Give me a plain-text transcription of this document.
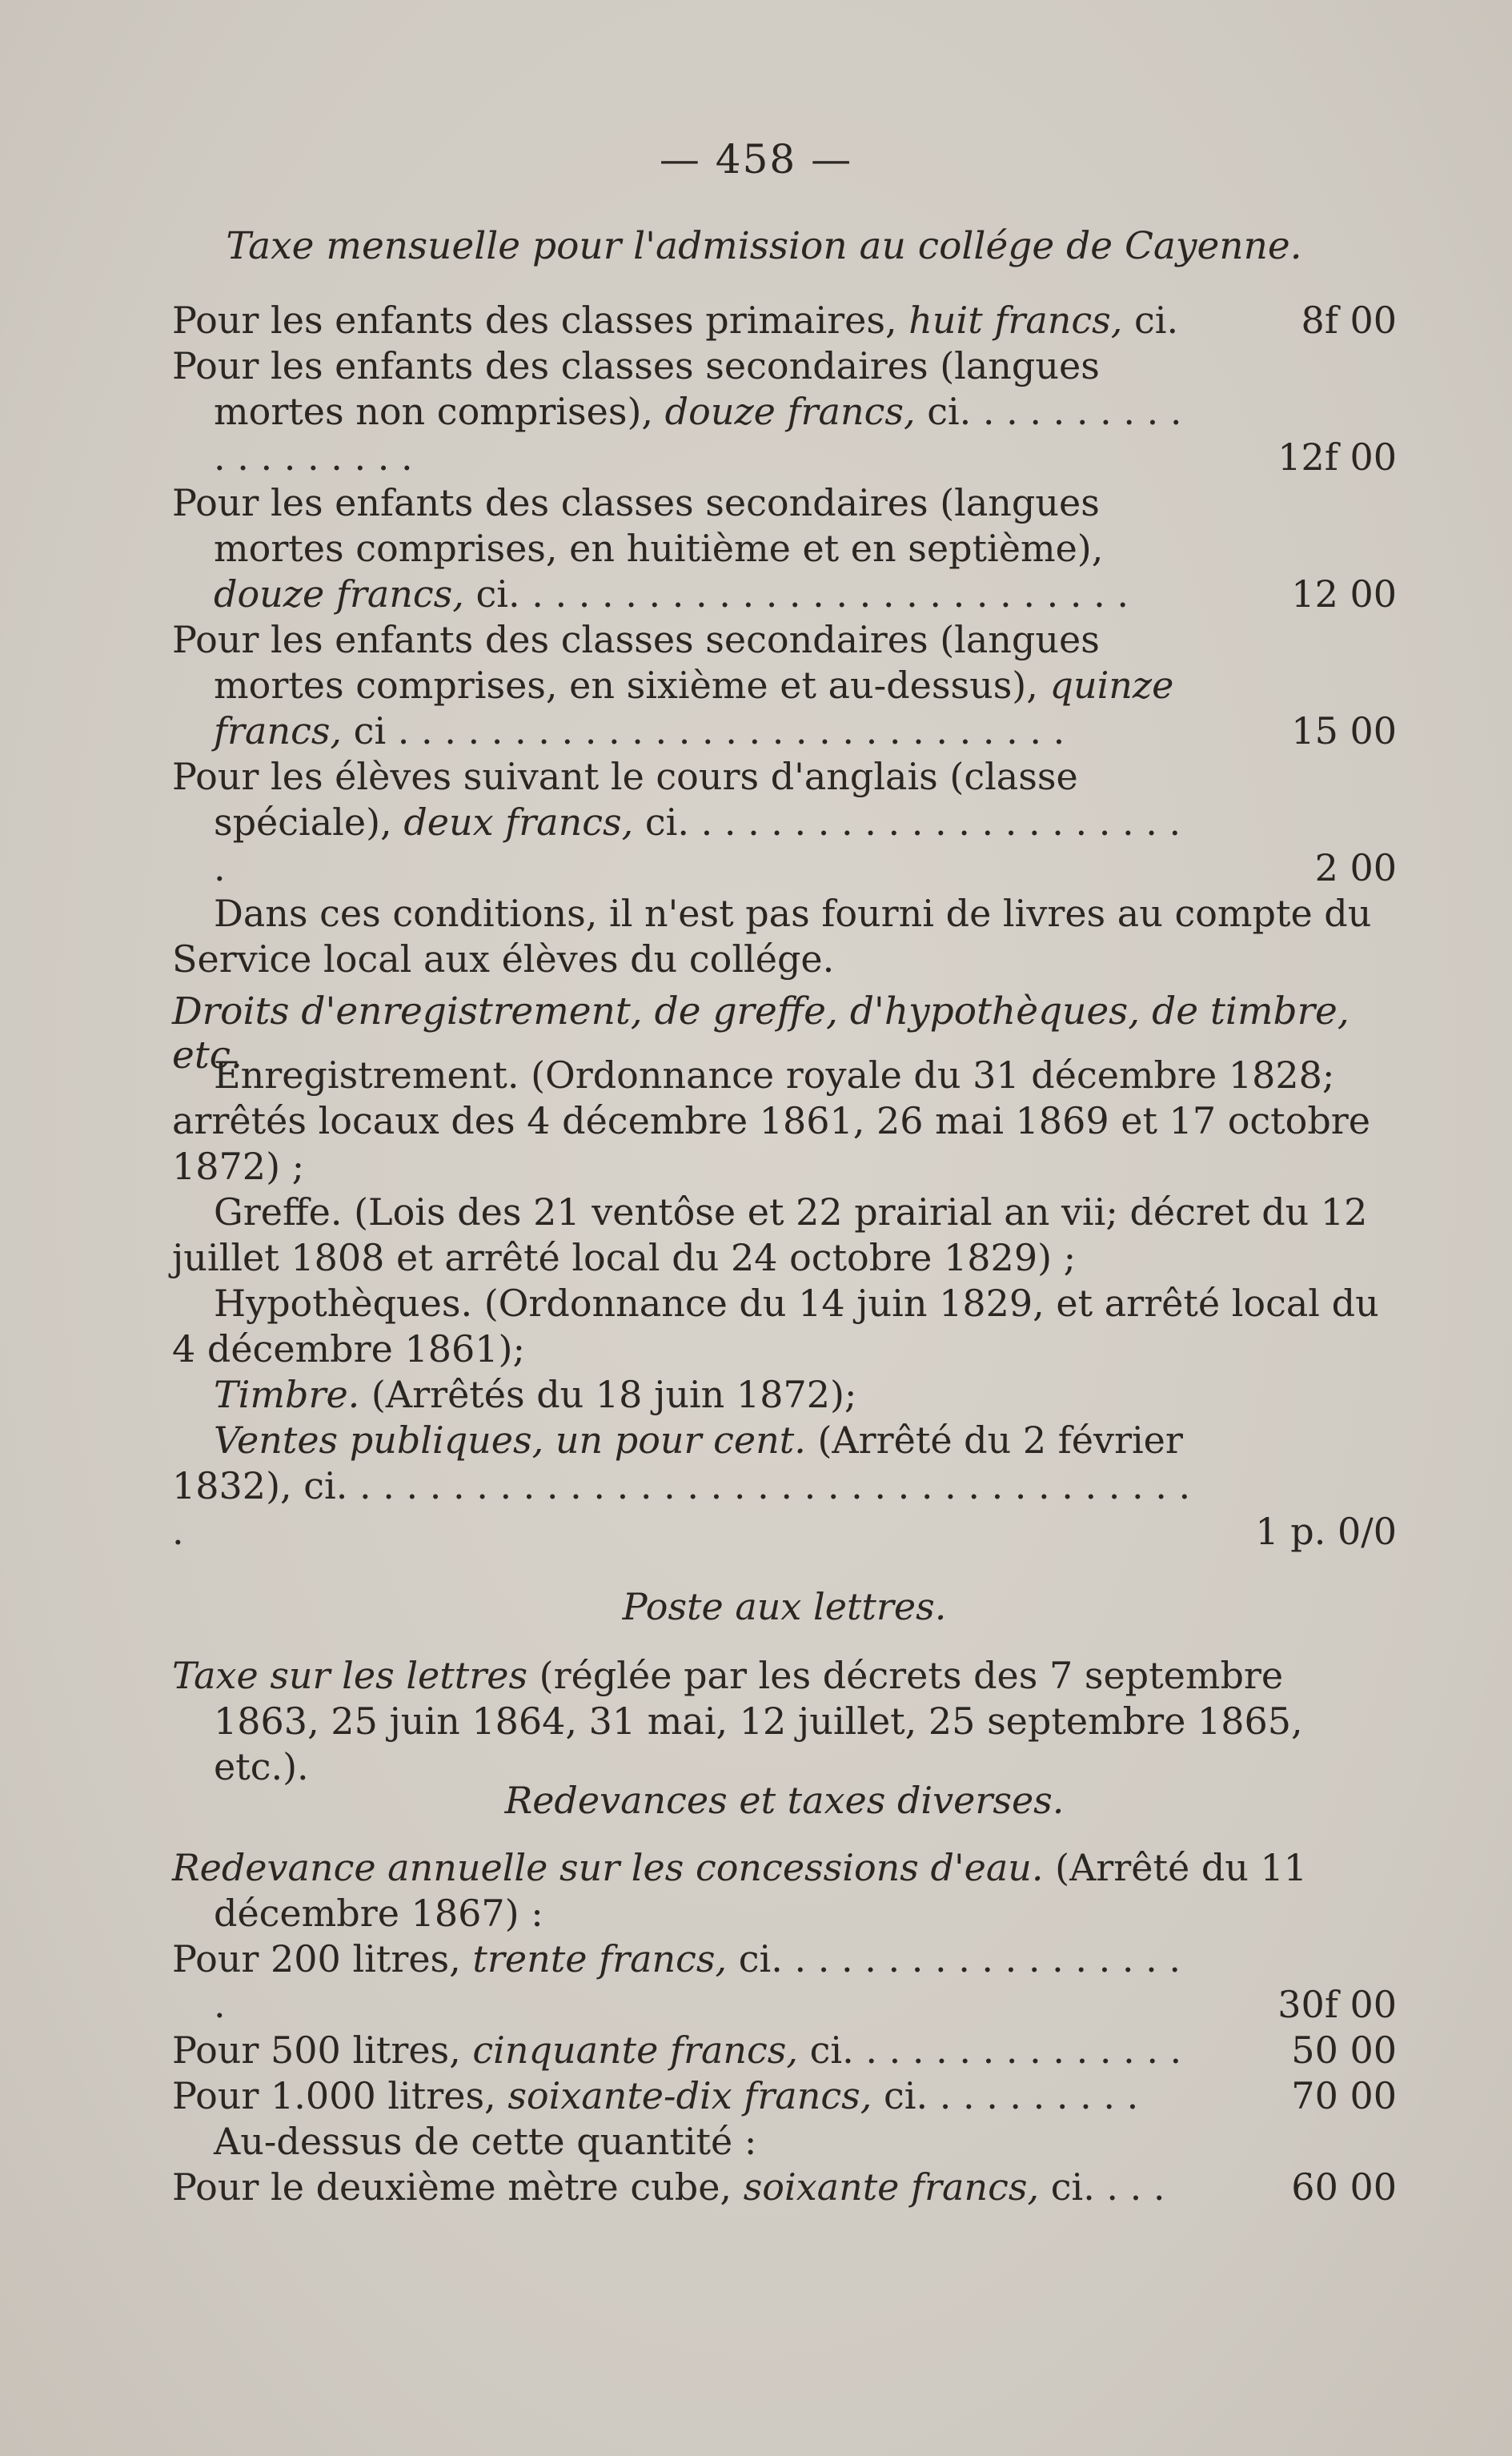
— 458 —
Taxe mensuelle pour l'admission au collége de Cayenne.
Pour les enfants des classes primaires, huit francs, ci.	8f 00
Pour les enfants des classes secondaires (langues mortes non comprises), douze francs, ci. . . . . . . . . . . . . . . . . . .	12f 00
Pour les enfants des classes secondaires (langues mortes comprises, en huitième et en septième), douze francs, ci. . . . . . . . . . . . . . . . . . . . . . . . . . .	12 00
Pour les enfants des classes secondaires (langues mortes comprises, en sixième et au-dessus), quinze francs, ci . . . . . . . . . . . . . . . . . . . . . . . . . . . . .	15 00
Pour les élèves suivant le cours d'anglais (classe spéciale), deux francs, ci. . . . . . . . . . . . . . . . . . . . . . .	2 00
Dans ces conditions, il n'est pas fourni de livres au compte du Service local aux élèves du collége.
Droits d'enregistrement, de greffe, d'hypothèques, de timbre, etc.
Enregistrement. (Ordonnance royale du 31 décembre 1828; arrêtés locaux des 4 décembre 1861, 26 mai 1869 et 17 octobre 1872) ;
Greffe. (Lois des 21 ventôse et 22 prairial an vii; décret du 12 juillet 1808 et arrêté local du 24 octobre 1829) ;
Hypothèques. (Ordonnance du 14 juin 1829, et arrêté local du 4 décembre 1861);
Timbre. (Arrêtés du 18 juin 1872);
Ventes publiques, un pour cent. (Arrêté du 2 février 1832), ci. . . . . . . . . . . . . . . . . . . . . . . . . . . . . . . . . . . . . .	1 p. 0/0
Poste aux lettres.
Taxe sur les lettres (réglée par les décrets des 7 septembre 1863, 25 juin 1864, 31 mai, 12 juillet, 25 septembre 1865, etc.).
Redevances et taxes diverses.
Redevance annuelle sur les concessions d'eau. (Arrêté du 11 décembre 1867) :
Pour 200 litres, trente francs, ci. . . . . . . . . . . . . . . . . . .	30f 00
Pour 500 litres, cinquante francs, ci. . . . . . . . . . . . . . .	50 00
Pour 1.000 litres, soixante-dix francs, ci. . . . . . . . . .	70 00
Au-dessus de cette quantité :
Pour le deuxième mètre cube, soixante francs, ci. . . .	60 00
